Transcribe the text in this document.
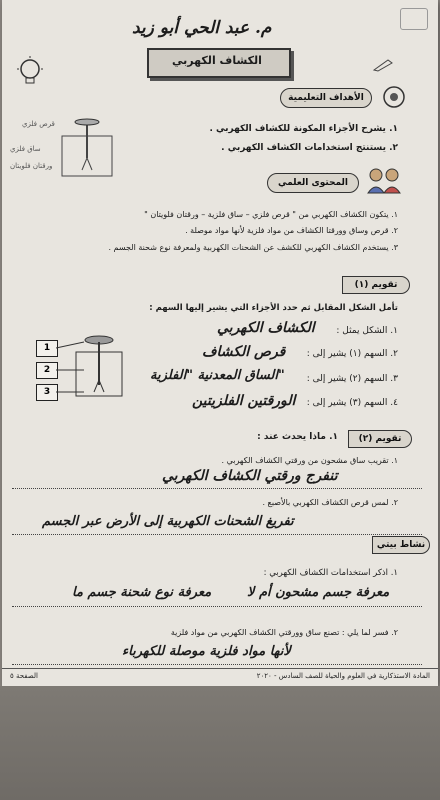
م. عبد الحي أبو زيد
الكشاف الكهربي
الأهداف التعليمية
١. يشرح الأجزاء المكونة للكشاف الكهربي .
٢. يستنتج استخدامات الكشاف الكهربي .
قرص فلزي
ساق فلزي
ورقتان فلويتان
المحتوى العلمي
١. يتكون الكشاف الكهربي من " قرص فلزي – ساق فلزية – ورقتان فلويتان "
٢. قرص وساق وورقتا الكشاف من مواد فلزية لأنها مواد موصلة .
٣. يستخدم الكشاف الكهربي للكشف عن الشحنات الكهربية ولمعرفة نوع شحنة الجسم .
تقويم (١)
تأمل الشكل المقابل ثم حدد الأجزاء التي يشير إليها السهم :
1
2
3
١. الشكل يمثل :
الكشاف الكهربي
٢. السهم (١) يشير إلى :
قرص الكشاف
٣. السهم (٢) يشير إلى :
الساق المعدنية "الفلزية"
٤. السهم (٣) يشير إلى :
الورقتين الفلزيتين
تقويم (٢)
١. ماذا يحدث عند :
١. تقريب ساق مشحون من ورقتي الكشاف الكهربي .
تنفرج ورقتي الكشاف الكهربي
٢. لمس قرص الكشاف الكهربي بالأصبع .
تفريغ الشحنات الكهربية إلى الأرض عبر الجسم
نشاط بيتي
١. اذكر استخدامات الكشاف الكهربي :
معرفة جسم مشحون أم لا
معرفة نوع شحنة جسم ما
٢. فسر لما يلي : تصنع ساق وورقتي الكشاف الكهربي من مواد فلزية
لأنها مواد فلزية موصلة للكهرباء
الصفحة ٥	المادة الاستذكارية في العلوم والحياة للصف السادس - ٢٠٢٠
